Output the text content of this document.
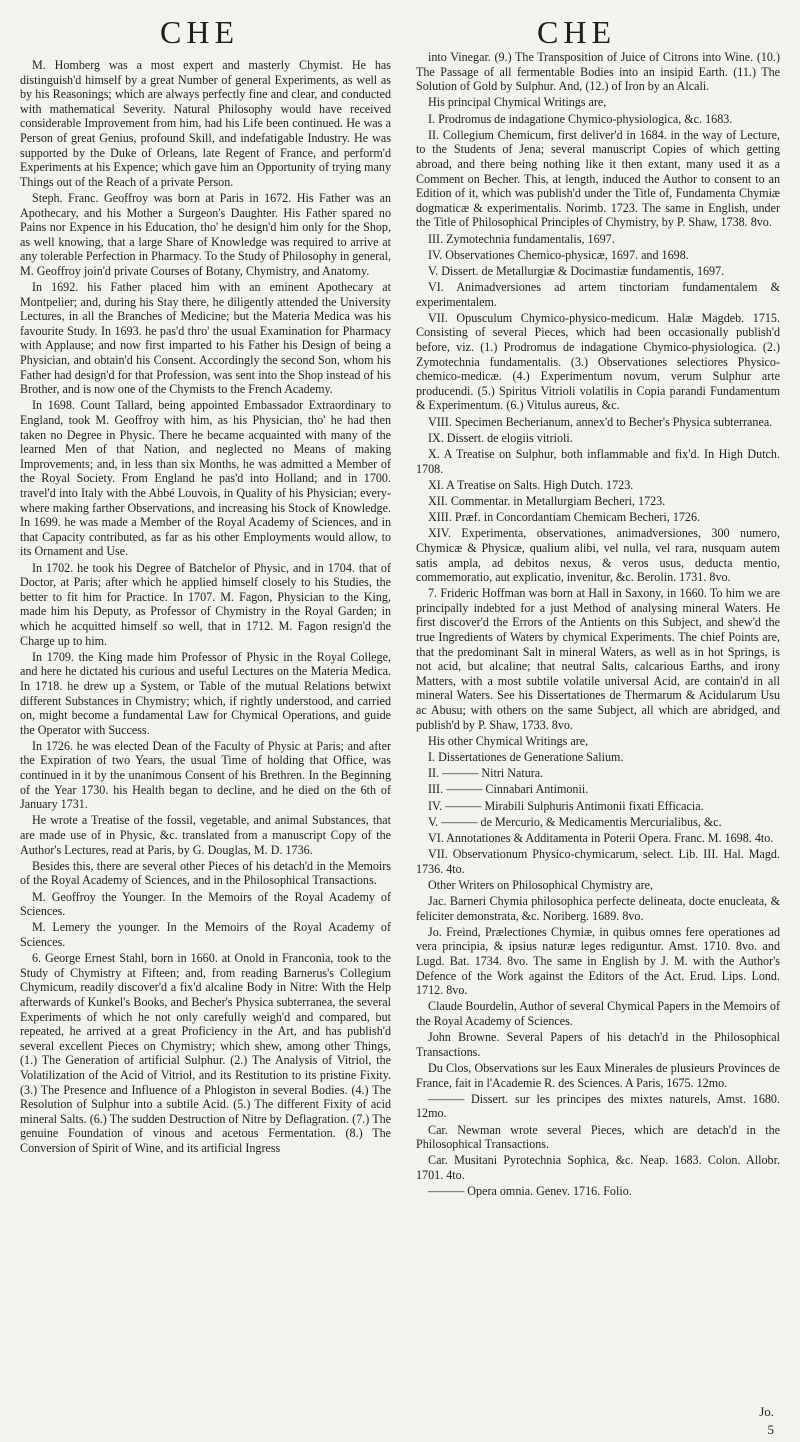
CHE	CHE

M. Homberg was a most expert and masterly Chymist. He has distinguish'd himself by a great Number of general Experiments, as well as by his Reasonings; which are always perfectly fine and clear, and conducted with mathematical Severity. Natural Philosophy would have received considerable Improvement from him, had his Life been continued. He was a Person of great Genius, profound Skill, and indefatigable Industry. He was supported by the Duke of Orleans, late Regent of France, and perform'd Experiments at his Expence; which gave him an Opportunity of trying many Things out of the Reach of a private Person.

Steph. Franc. Geoffroy was born at Paris in 1672. His Father was an Apothecary, and his Mother a Surgeon's Daughter. His Father spared no Pains nor Expence in his Education, tho' he design'd him only for the Shop, as well knowing, that a large Share of Knowledge was required to arrive at any tolerable Perfection in Pharmacy. To the Study of Philosophy in general, M. Geoffroy join'd private Courses of Botany, Chymistry, and Anatomy.

In 1692. his Father placed him with an eminent Apothecary at Montpelier; and, during his Stay there, he diligently attended the University Lectures, in all the Branches of Medicine; but the Materia Medica was his favourite Study. In 1693. he pas'd thro' the usual Examination for Pharmacy with Applause; and now first imparted to his Father his Design of being a Physician, and obtain'd his Consent. Accordingly the second Son, whom his Father had design'd for that Profession, was sent into the Shop instead of his Brother, and is now one of the Chymists to the French Academy.

In 1698. Count Tallard, being appointed Embassador Extraordinary to England, took M. Geoffroy with him, as his Physician, tho' he had then taken no Degree in Physic. There he became acquainted with many of the learned Men of that Nation, and neglected no Means of making Improvements; and, in less than six Months, he was admitted a Member of the Royal Society. From England he pas'd into Holland; and in 1700. travel'd into Italy with the Abbé Louvois, in Quality of his Physician; every-where making farther Observations, and increasing his Stock of Knowledge. In 1699. he was made a Member of the Royal Academy of Sciences, and in that Capacity contributed, as far as his other Employments would allow, to its Ornament and Use.

In 1702. he took his Degree of Batchelor of Physic, and in 1704. that of Doctor, at Paris; after which he applied himself closely to his Studies, the better to fit him for Practice. In 1707. M. Fagon, Physician to the King, made him his Deputy, as Professor of Chymistry in the Royal Garden; in which he acquitted himself so well, that in 1712. M. Fagon resign'd the Charge up to him.

In 1709. the King made him Professor of Physic in the Royal College, and here he dictated his curious and useful Lectures on the Materia Medica. In 1718. he drew up a System, or Table of the mutual Relations betwixt different Substances in Chymistry; which, if rightly understood, and carried on, might become a fundamental Law for Chymical Operations, and guide the Operator with Success.

In 1726. he was elected Dean of the Faculty of Physic at Paris; and after the Expiration of two Years, the usual Time of holding that Office, was continued in it by the unanimous Consent of his Brethren. In the Beginning of the Year 1730. his Health began to decline, and he died on the 6th of January 1731.

He wrote a Treatise of the fossil, vegetable, and animal Substances, that are made use of in Physic, &c. translated from a manuscript Copy of the Author's Lectures, read at Paris, by G. Douglas, M. D. 1736.

Besides this, there are several other Pieces of his detach'd in the Memoirs of the Royal Academy of Sciences, and in the Philosophical Transactions.

M. Geoffroy the Younger. In the Memoirs of the Royal Academy of Sciences.

M. Lemery the younger. In the Memoirs of the Royal Academy of Sciences.

6. George Ernest Stahl, born in 1660. at Onold in Franconia, took to the Study of Chymistry at Fifteen; and, from reading Barnerus's Collegium Chymicum, readily discover'd a fix'd alcaline Body in Nitre: With the Help afterwards of Kunkel's Books, and Becher's Physica subterranea, the several Experiments of which he not only carefully weigh'd and compared, but repeated, he arrived at a great Proficiency in the Art, and has publish'd several excellent Pieces on Chymistry; which shew, among other Things, (1.) The Generation of artificial Sulphur. (2.) The Analysis of Vitriol, the Volatilization of the Acid of Vitriol, and its Restitution to its pristine Fixity. (3.) The Presence and Influence of a Phlogiston in several Bodies. (4.) The Resolution of Sulphur into a subtile Acid. (5.) The different Fixity of acid mineral Salts. (6.) The sudden Destruction of Nitre by Deflagration. (7.) The genuine Foundation of vinous and acetous Fermentation. (8.) The Conversion of Spirit of Wine, and its artificial Ingress

into Vinegar. (9.) The Transposition of Juice of Citrons into Wine. (10.) The Passage of all fermentable Bodies into an insipid Earth. (11.) The Solution of Gold by Sulphur. And, (12.) of Iron by an Alcali.

His principal Chymical Writings are,

I. Prodromus de indagatione Chymico-physiologica, &c. 1683.

II. Collegium Chemicum, first deliver'd in 1684. in the way of Lecture, to the Students of Jena; several manuscript Copies of which getting abroad, and there being nothing like it then extant, many used it as a Comment on Becher. This, at length, induced the Author to consent to an Edition of it, which was publish'd under the Title of, Fundamenta Chymiæ dogmaticæ & experimentalis. Norimb. 1723. The same in English, under the Title of Philosophical Principles of Chymistry, by P. Shaw, 1738. 8vo.

III. Zymotechnia fundamentalis, 1697.

IV. Observationes Chemico-physicæ, 1697. and 1698.

V. Dissert. de Metallurgiæ & Docimastiæ fundamentis, 1697.

VI. Animadversiones ad artem tinctoriam fundamentalem & experimentalem.

VII. Opusculum Chymico-physico-medicum. Halæ Magdeb. 1715. Consisting of several Pieces, which had been occasionally publish'd before, viz. (1.) Prodromus de indagatione Chymico-physiologica. (2.) Zymotechnia fundamentalis. (3.) Observationes selectiores Physico-chemico-medicæ. (4.) Experimentum novum, verum Sulphur arte producendi. (5.) Spiritus Vitrioli volatilis in Copia parandi Fundamentum & Experimentum. (6.) Vitulus aureus, &c.

VIII. Specimen Becherianum, annex'd to Becher's Physica subterranea.

IX. Dissert. de elogiis vitrioli.

X. A Treatise on Sulphur, both inflammable and fix'd. In High Dutch. 1708.

XI. A Treatise on Salts. High Dutch. 1723.

XII. Commentar. in Metallurgiam Becheri, 1723.

XIII. Præf. in Concordantiam Chemicam Becheri, 1726.

XIV. Experimenta, observationes, animadversiones, 300 numero, Chymicæ & Physicæ, qualium alibi, vel nulla, vel rara, nusquam autem satis ampla, ad debitos nexus, & veros usus, deducta mentio, commemoratio, aut explicatio, invenitur, &c. Berolin. 1731. 8vo.

7. Frideric Hoffman was born at Hall in Saxony, in 1660. To him we are principally indebted for a just Method of analysing mineral Waters. He first discover'd the Errors of the Antients on this Subject, and shew'd the true Ingredients of Waters by chymical Experiments. The chief Points are, that the predominant Salt in mineral Waters, as well as in hot Springs, is not acid, but alcaline; that neutral Salts, calcarious Earths, and irony Matters, with a most subtile volatile universal Acid, are contain'd in all mineral Waters. See his Dissertationes de Thermarum & Acidularum Usu ac Abusu; with others on the same Subject, all which are abridged, and publish'd by P. Shaw, 1733. 8vo.

His other Chymical Writings are,

I. Dissertationes de Generatione Salium.

II. ——— Nitri Natura.

III. ——— Cinnabari Antimonii.

IV. ——— Mirabili Sulphuris Antimonii fixati Efficacia.

V. ——— de Mercurio, & Medicamentis Mercurialibus, &c.

VI. Annotationes & Additamenta in Poterii Opera. Franc. M. 1698. 4to.

VII. Observationum Physico-chymicarum, select. Lib. III. Hal. Magd. 1736. 4to.

Other Writers on Philosophical Chymistry are,

Jac. Barneri Chymia philosophica perfecte delineata, docte enucleata, & feliciter demonstrata, &c. Noriberg. 1689. 8vo.

Jo. Freind, Prælectiones Chymiæ, in quibus omnes fere operationes ad vera principia, & ipsius naturæ leges rediguntur. Amst. 1710. 8vo. and Lugd. Bat. 1734. 8vo. The same in English by J. M. with the Author's Defence of the Work against the Editors of the Act. Erud. Lips. Lond. 1712. 8vo.

Claude Bourdelin, Author of several Chymical Papers in the Memoirs of the Royal Academy of Sciences.

John Browne. Several Papers of his detach'd in the Philosophical Transactions.

Du Clos, Observations sur les Eaux Minerales de plusieurs Provinces de France, fait in l'Academie R. des Sciences. A Paris, 1675. 12mo.

——— Dissert. sur les principes des mixtes naturels, Amst. 1680. 12mo.

Car. Newman wrote several Pieces, which are detach'd in the Philosophical Transactions.

Car. Musitani Pyrotechnia Sophica, &c. Neap. 1683. Colon. Allobr. 1701. 4to.

——— Opera omnia. Genev. 1716. Folio.

Jo.
5
